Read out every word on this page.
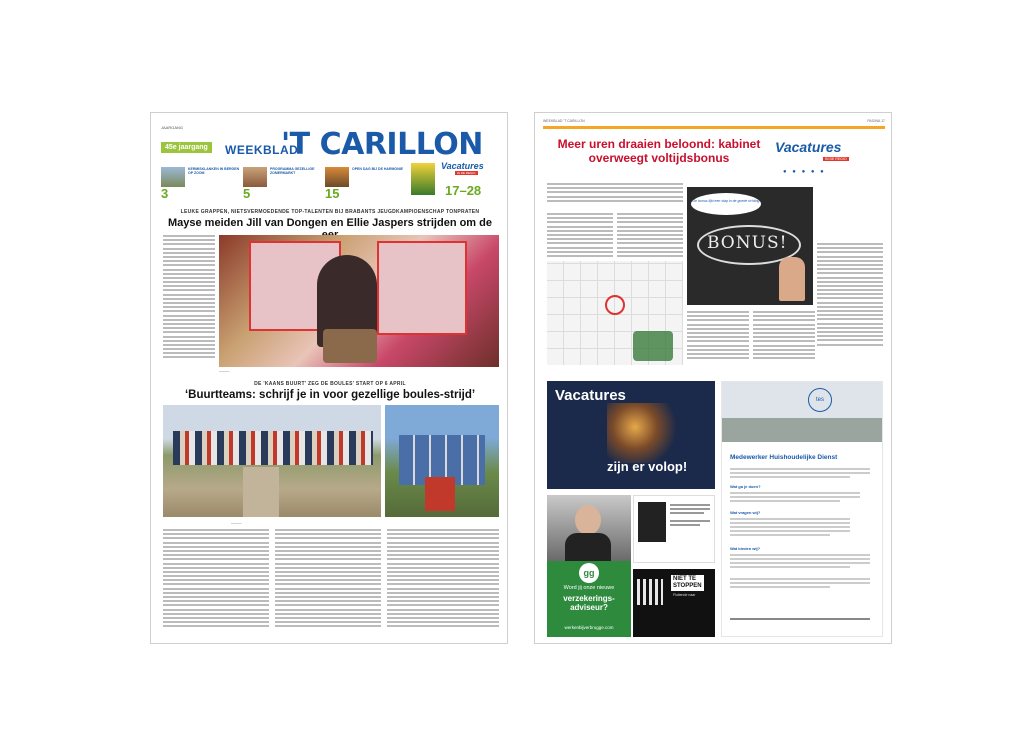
JAARGANG
45e jaargang	WEEKBLAD
'T CARILLON
KERMISKLANKEN IN BERGEN OP ZOOM
3
PROGRAMMA GEZELLIGE ZOMERMARKT
5
OPEN DAG BIJ DE HARMONIE
15
Vacatures
IN DE REGIO
17–28
LEUKE GRAPPEN, NIETSVERMOEDENDE TOP-TALENTEN BIJ BRABANTS JEUGDKAMPIOENSCHAP TONPRATEN
Mayse meiden Jill van Dongen en Ellie Jaspers strijden om de
———
DE 'KAANS BUURT' ZEG DE BOULES' START OP 6 APRIL
‘Buurtteams: schrijf je in voor gezellige boules-strijd’
———
WEEKBLAD 'T CARILLON	PAGINA 17
Meer uren draaien beloond: kabinet overweegt voltijdsbonus
Vacatures
IN DE REGIO
● ● ● ● ●
De bonus lijkt een stap in de goede richting
BONUS!
Vacatures
zijn er volop!
tes
Medewerker Huishoudelijke Dienst
Wat ga je doen?
Wat vragen wij?
Wat bieden wij?
gg
Word jij onze nieuwe
verzekerings-adviseur?
werkenbijverbrugge.com
NIET TE
STOPPEN
Fluitende naar
